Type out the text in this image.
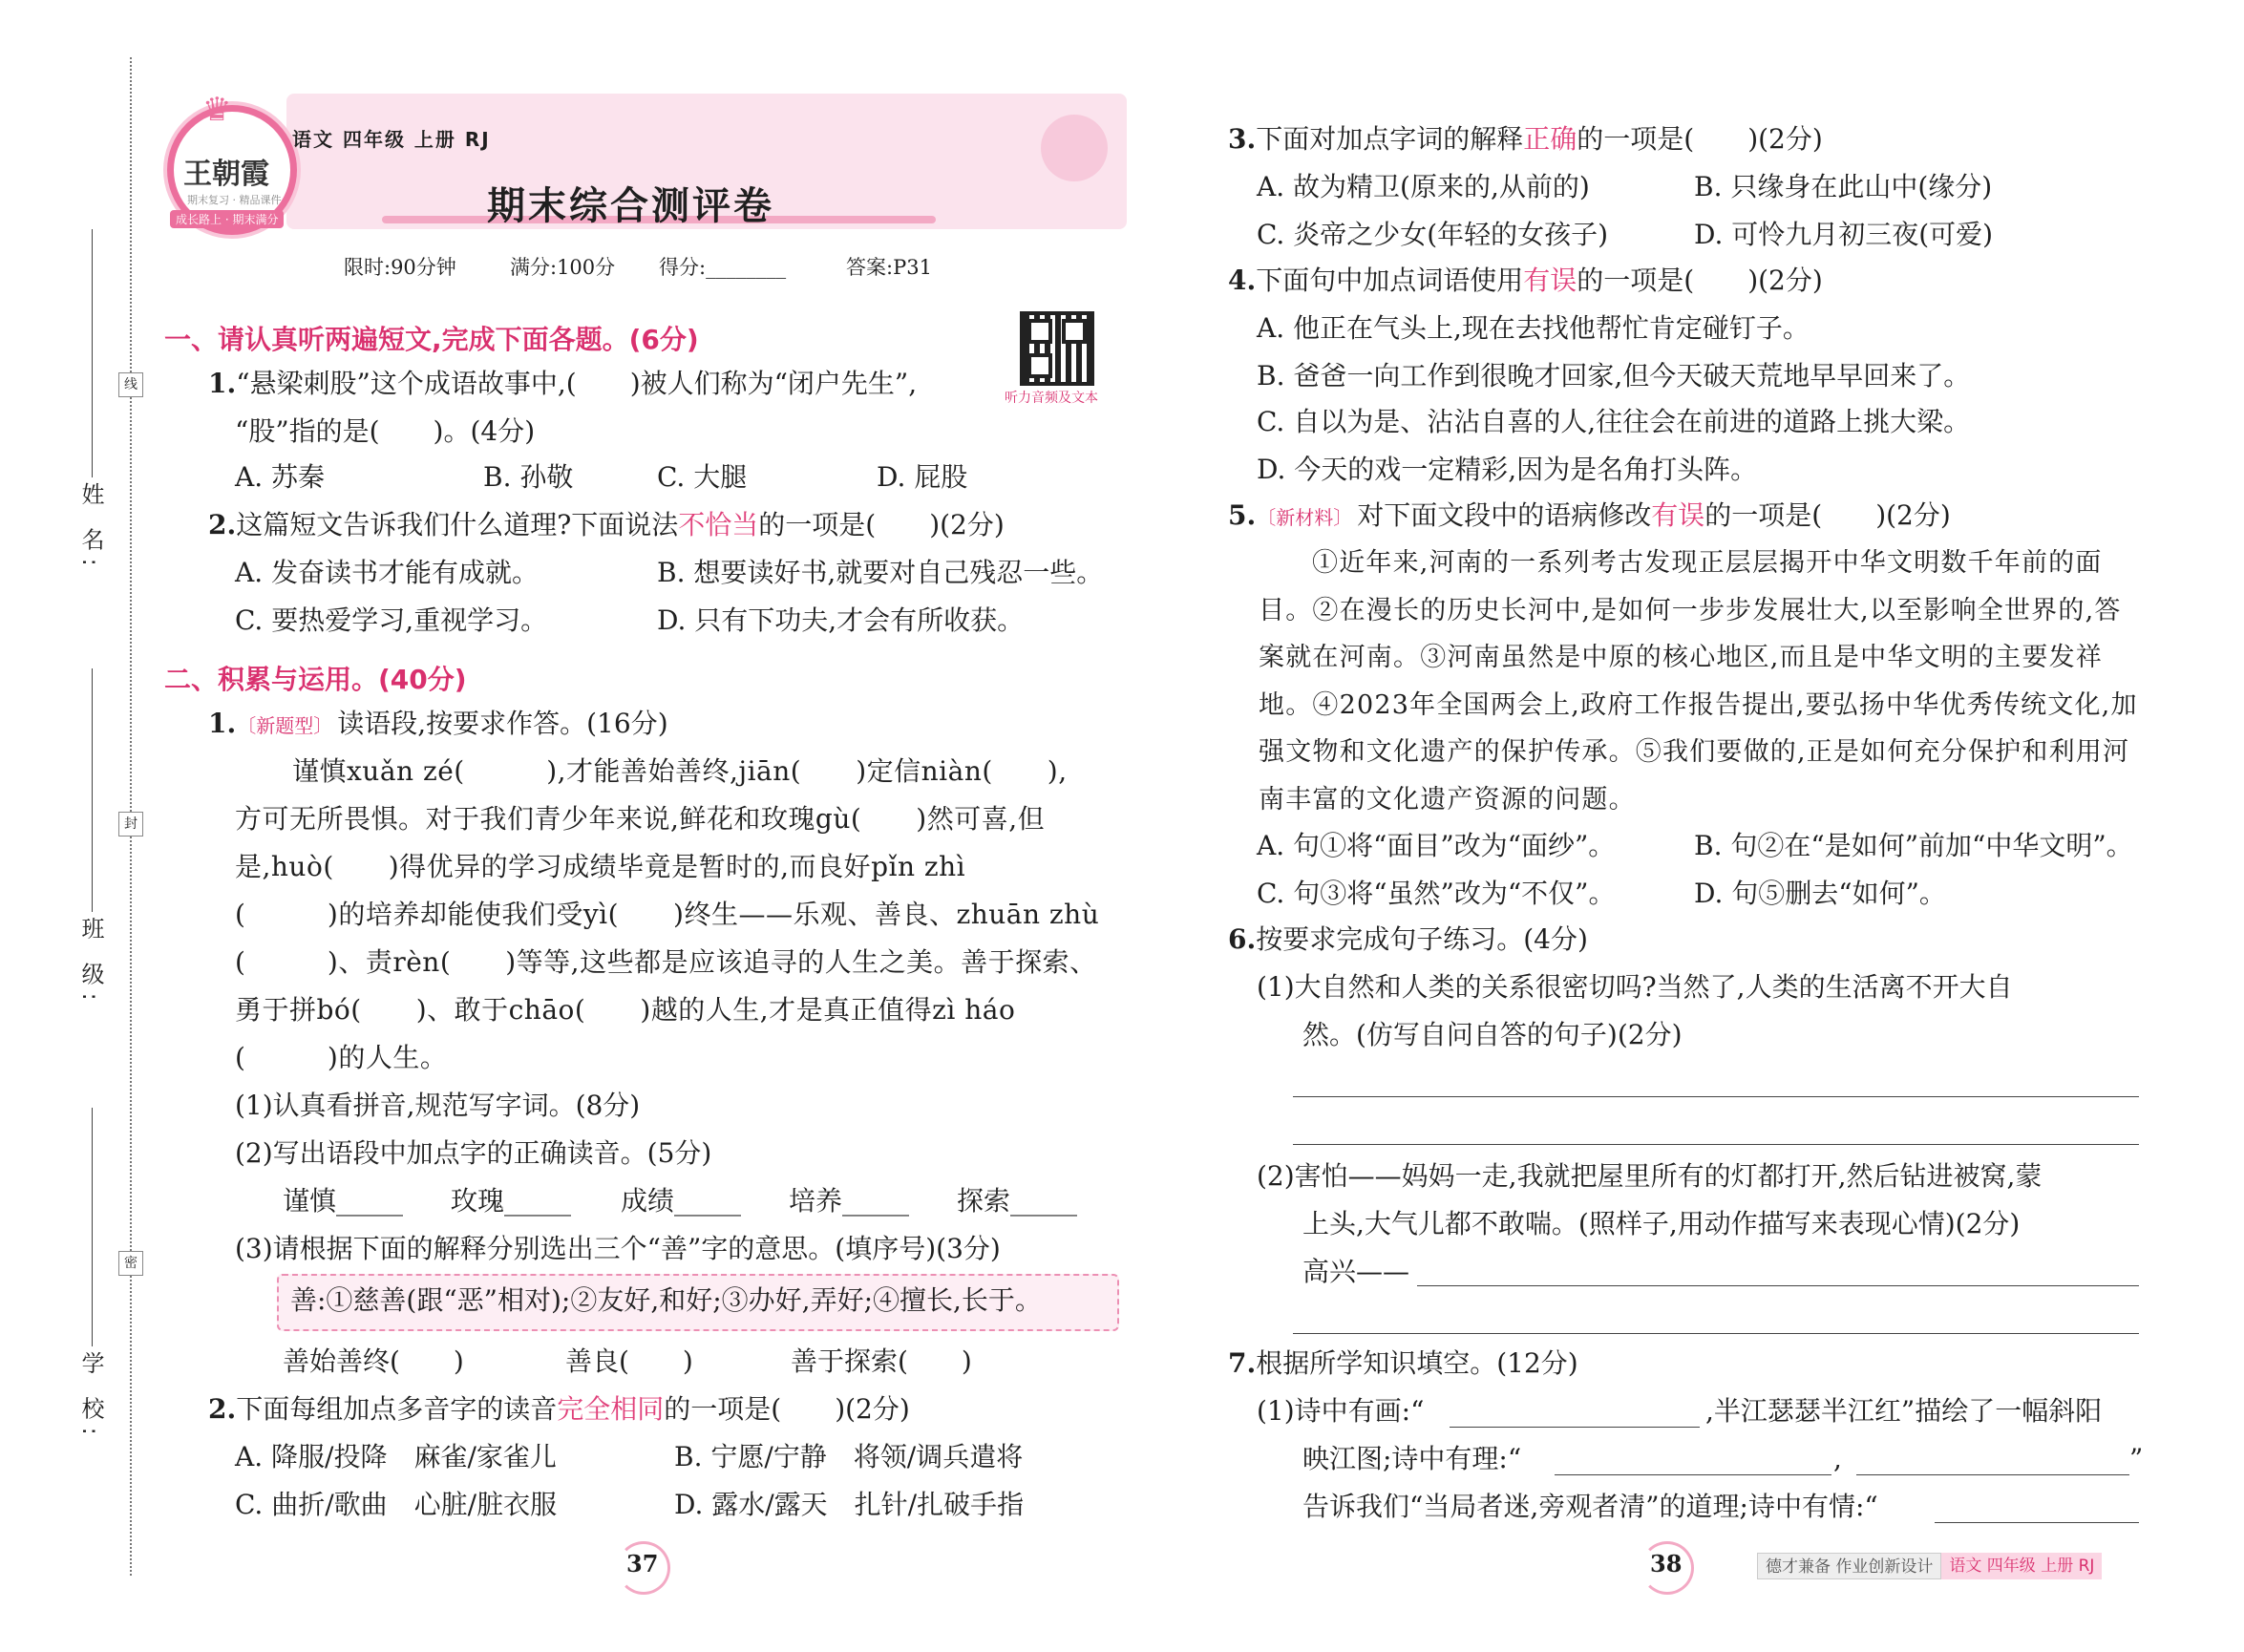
线
封
密
姓 名:
班 级:
学 校:
♛
王朝霞
期末复习 · 精品课件
成长路上 · 期末满分
语文 四年级 上册 RJ
期末综合测评卷
限时:90分钟	满分:100分 得分:________	答案:P31
听力音频及文本
一、请认真听两遍短文,完成下面各题。(6分)
1.“悬梁刺股”这个成语故事中,(　　)被人们称为“闭户先生”,
“股”指的是(　　)。(4分)
A. 苏秦	B. 孙敬	C. 大腿	D. 屁股
2.这篇短文告诉我们什么道理?下面说法不恰当的一项是(　　)(2分)
A. 发奋读书才能有成就。	B. 想要读好书,就要对自己残忍一些。
C. 要热爱学习,重视学习。	D. 只有下功夫,才会有所收获。
二、积累与运用。(40分)
1.〔新题型〕 读语段,按要求作答。(16分)
谨慎xuǎn zé(　　　),才能善始善终,jiān(　　)定信niàn(　　),
方可无所畏惧。对于我们青少年来说,鲜花和玫瑰gù(　　)然可喜,但
是,huò(　　)得优异的学习成绩毕竟是暂时的,而良好pǐn zhì
(　　　)的培养却能使我们受yì(　　)终生——乐观、善良、zhuān zhù
(　　　)、责rèn(　　)等等,这些都是应该追寻的人生之美。善于探索、
勇于拼bó(　　)、敢于chāo(　　)越的人生,才是真正值得zì háo
(　　　)的人生。
(1)认真看拼音,规范写字词。(8分)
(2)写出语段中加点字的正确读音。(5分)
谨慎_____ 玫瑰_____ 成绩_____ 培养_____ 探索_____
(3)请根据下面的解释分别选出三个“善”字的意思。(填序号)(3分)
善:①慈善(跟“恶”相对);②友好,和好;③办好,弄好;④擅长,长于。
善始善终(　　)	善良(　　)	善于探索(　　)
2.下面每组加点多音字的读音完全相同的一项是(　　)(2分)
A. 降服/投降　麻雀/家雀儿	B. 宁愿/宁静　将领/调兵遣将
C. 曲折/歌曲　心脏/脏衣服	D. 露水/露天　扎针/扎破手指
37
3.下面对加点字词的解释正确的一项是(　　)(2分)
A. 故为精卫(原来的,从前的)	B. 只缘身在此山中(缘分)
C. 炎帝之少女(年轻的女孩子)	D. 可怜九月初三夜(可爱)
4.下面句中加点词语使用有误的一项是(　　)(2分)
A. 他正在气头上,现在去找他帮忙肯定碰钉子。
B. 爸爸一向工作到很晚才回家,但今天破天荒地早早回来了。
C. 自以为是、沾沾自喜的人,往往会在前进的道路上挑大梁。
D. 今天的戏一定精彩,因为是名角打头阵。
5.〔新材料〕 对下面文段中的语病修改有误的一项是(　　)(2分)
①近年来,河南的一系列考古发现正层层揭开中华文明数千年前的面目。②在漫长的历史长河中,是如何一步步发展壮大,以至影响全世界的,答案就在河南。③河南虽然是中原的核心地区,而且是中华文明的主要发祥地。④2023年全国两会上,政府工作报告提出,要弘扬中华优秀传统文化,加强文物和文化遗产的保护传承。⑤我们要做的,正是如何充分保护和利用河南丰富的文化遗产资源的问题。
A. 句①将“面目”改为“面纱”。	B. 句②在“是如何”前加“中华文明”。
C. 句③将“虽然”改为“不仅”。	D. 句⑤删去“如何”。
6.按要求完成句子练习。(4分)
(1)大自然和人类的关系很密切吗?当然了,人类的生活离不开大自
然。(仿写自问自答的句子)(2分)
(2)害怕——妈妈一走,我就把屋里所有的灯都打开,然后钻进被窝,蒙
上头,大气儿都不敢喘。(照样子,用动作描写来表现心情)(2分)
高兴——
7.根据所学知识填空。(12分)
(1)诗中有画:“	,半江瑟瑟半江红”描绘了一幅斜阳
映江图;诗中有理:“	,	”
告诉我们“当局者迷,旁观者清”的道理;诗中有情:“
38	德才兼备 作业创新设计	语文 四年级 上册 RJ
